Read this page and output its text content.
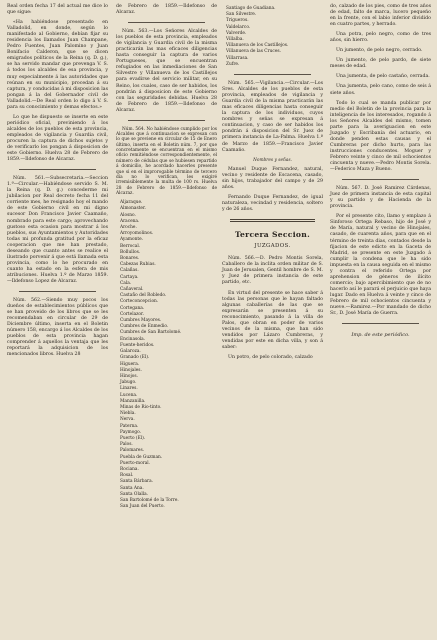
Real orden fecha 17 del actual me dice lo que sigue:

«Ha habiéndose presentado en Valladolid, en donde, según lo manifestado al Gobierno, debían fijar su residencia los llamados Juan Champane, Pedro Fuentes, Juan Palomino y Juan Bonifacio Calderon, que se dicen emigrados políticos de la Reina (q. D. g.), se ha servido mandar que prevenga V. S. á todos los alcaldes de esa provincia, y muy especialmente á las autoridades que reúnan en su municipio, procedan á su captura, y conducidas á mi disposicion las pongan á la del Gobernador civil de Valladolid.—De Real orden lo digo á V. S. para su conocimiento y demas efectos.»

Lo que he dispuesto se inserte en este periódico oficial, previniendo á los alcaldes de los pueblos de esta provincia, empleados de vigilancia y Guardia civil, procuren la captura de dichos sujetos y de verificarlo los pongan á disposicion de este Gobierno. Huelva 28 de Febrero de 1859.—Ildefonso de Alcaraz.

Núm. 561.—Subsecretaria.—Seccion 1.ª—Circular.—Habiéndose servido S. M. la Reina (q. D. g.) concederme mi jubilacion por Real decreto fecha 11 del corriente mes, he resignado hoy el mando de este Gobierno civil en mi digno sucesor Don Francisco Javier Caamaño, nombrado para este cargo; aprovechando gustoso esta ocasion para mostrar á los pueblos, sus Ayuntamientos y Autoridades todas mi profunda gratitud por la eficaz cooperacion que me han prestado, deseando que cuanto antes se realice el ilustrado porvenir á que está llamada esta provincia, como lo he procurado en cuanto ha estado en la esfera de mis atribuciones. Huelva 1.º de Marzo 1859.—Ildefonso Lopez de Alcaraz.

Núm. 562.—Siendo muy pocos los dueños de establecimientos públicos que se han proveido de los libros que se les recomendaban en circular de 29 de Diciembre último, inserta en el Boletin número 158, encargo á los Alcaldes de los pueblos de esta provincia hagan comprender á aquellos la ventaja que les reportará la adquisicion de los mencionados libros. Huelva 28

de Febrero de 1859.—Ildefonso de Alcaraz.

Núm. 563.—Los Señores Alcaldes de los pueblos de esta provincia, empleados de vigilancia y Guardia civil de la misma practicarán las mas eficaces diligencias hasta conseguir la captura de varios Portugueses, que se encuentran refugiados en las inmediaciones de San Silvestre y Villanueva de los Castillejos para evadirse del servicio militar, en su Reino, los cuales, caso de ser habidos, los pondrán á disposicion de este Gobierno con las seguridades debidas. Huelva 28 de Febrero de 1859.—Ildefonso de Alcaraz.

Núm. 564. No habiéndose cumplido por los Alcaldes que á continuacion se expresan con lo que se previene en circular de 15 de Enero último, inserta en el Boletin núm. 7, por que concretamente se encuentran en el mismo oficio remitiéndose correspondientemente, el número de cédulas que se hubiesen repartido á domicilio, he acordado hacerles presente que si en el improrogable término de tercero día no lo verifican, les exigiré irremisiblemente la multa de 100 rs. Huelva 28 de Febrero de 1859.—Ildefonso de Alcaraz.

Aljaraque.
Almonaster.
Alosno.
Aracena.
Aroche.
Arroyomolinos.
Ayamonte.
Berrocal.
Bollullos.
Bonares.
Cabezas Rubias.
Calañas.
Cartaya.
Cala.
Cañaveral.
Castaño del Robledo.
Corteconcepcion.
Cortegana.
Cortelazor.
Cumbres Mayores.
Cumbres de Enmedio.
Cumbres de San Bartolomé.
Encinasola.
Fuente-heridos.
Galaroza.
Granado (El).
Higuera.
Hinojales.
Hinojos.
Jabugo.
Linares.
Lucena.
Manzanilla.
Minas de Rio-tinto.
Niebla.
Nerva.
Paterna.
Paymogo.
Puerto (El).
Palos.
Palomares.
Puebla de Guzman.
Puerto-moral.
Rociana.
Rosal.
Santa Bárbara.
Santa Ana.
Santa Olalla.
San Bartolomé de la Torre.
San Juan del Puerto.
Santiago de Guadiana.
San Silvestre.
Trigueros.
Valdelarco.
Valverde.
Villalba.
Villanueva de los Castillejos.
Villanueva de las Cruces.
Villarrasa.
Zufre.

Núm. 565.—Vigilancia.—Circular.—Los Sres. Alcaldes de los pueblos de esta provincia, empleados de vigilancia y Guardia civil de la misma practicarán las mas eficaces diligencias hasta conseguir la captura de los individuos, cuyos nombres y señas se expresan á continuacion, y caso de ser habidos los pondrán á disposicion del Sr. Juez de primera instancia de La-Palma. Huelva 1.º de Marzo de 1859.—Francisco Javier Caamaño.

Nombres y señas.

Manuel Duque Fernandez, natural, vecino y residente de Escacena, casado, sin hijos, trabajador del campo y de 29 años.

Fernando Duque Fernandez, de igual naturaleza, vecindad y residencia, soltero y de 26 años.

Tercera Seccion.
JUZGADOS.

Núm. 566.—D. Pedro Montis Sorela, Caballero de la inclita orden militar de S. Juan de Jerusalen, Gentil hombre de S. M. y Juez de primera instancia de este partido, etc.

En virtud del presente se hace saber á todas las personas que le hayan faltado algunas caballerías de las que se expresarán se presenten á su reconocimiento, pasando á la villa de Palos, que obran en poder de varios vecinos de la misma, que han sido vendidos por Lázaro Cumbreras, y vendidas por este en dicha villa, y son á saber:

Un potro, de pelo colorado, calzado

do, calzado de los pies, como de tres años de edad, falto de marca, lucero pequeño en la frente, con el labio inferior dividido en cuatro partes, y herrado.

Una potra, pelo negro, como de tres años, sin hierro.

Un jumento, de pelo negro, cerrado.

Un jumento, de pelo pardo, de siete meses de edad.

Una jumenta, de pelo castaño, cerrada.

Una jumenta, pelo cano, como de seis á siete años.

Todo lo cual se manda publicar por medio del Boletin de la provincia para la inteligencia de los interesados, rogando á los Señores Alcaldes del mismo, tomen parte para la averiguacion en este Juzgado y Escribanía del actuario, en donde penden estas causas y el Cumbreras por dicho hurto, para las instrucciones conducentes. Moguer y Febrero veinte y cinco de mil ochocientos cincuenta y nueve.—Pedro Montis Sorela.—Federico Maza y Bueno.

Núm. 567. D. José Ramirez Cárdenas, Juez de primera instancia de esta capital y su partido y de Hacienda de la provincia.

Por el presente cito, llamo y emplazo á Sinforoso Ortega Rebaso, hijo de José y de María, natural y vecino de Hinojales, casado, de cuarenta años, para que en el término de treinta dias, contados desde la fijacion de este edicto en la Gaceta de Madrid, se presente en este Juzgado á cumplir la condena que le ha sido impuesta en la causa seguida en el mismo y contra el referido Ortega por aprehension de géneros de ilícito comercio; bajo apercibimiento que de no hacerlo así le parará el perjuicio que haya lugar. Dado en Huelva á veinte y cinco de Febrero de mil ochocientos cincuenta y nueve.—Ramirez.—Por mandado de dicho Sr., D. José María de Guerra.

Imp. de este periódico.
